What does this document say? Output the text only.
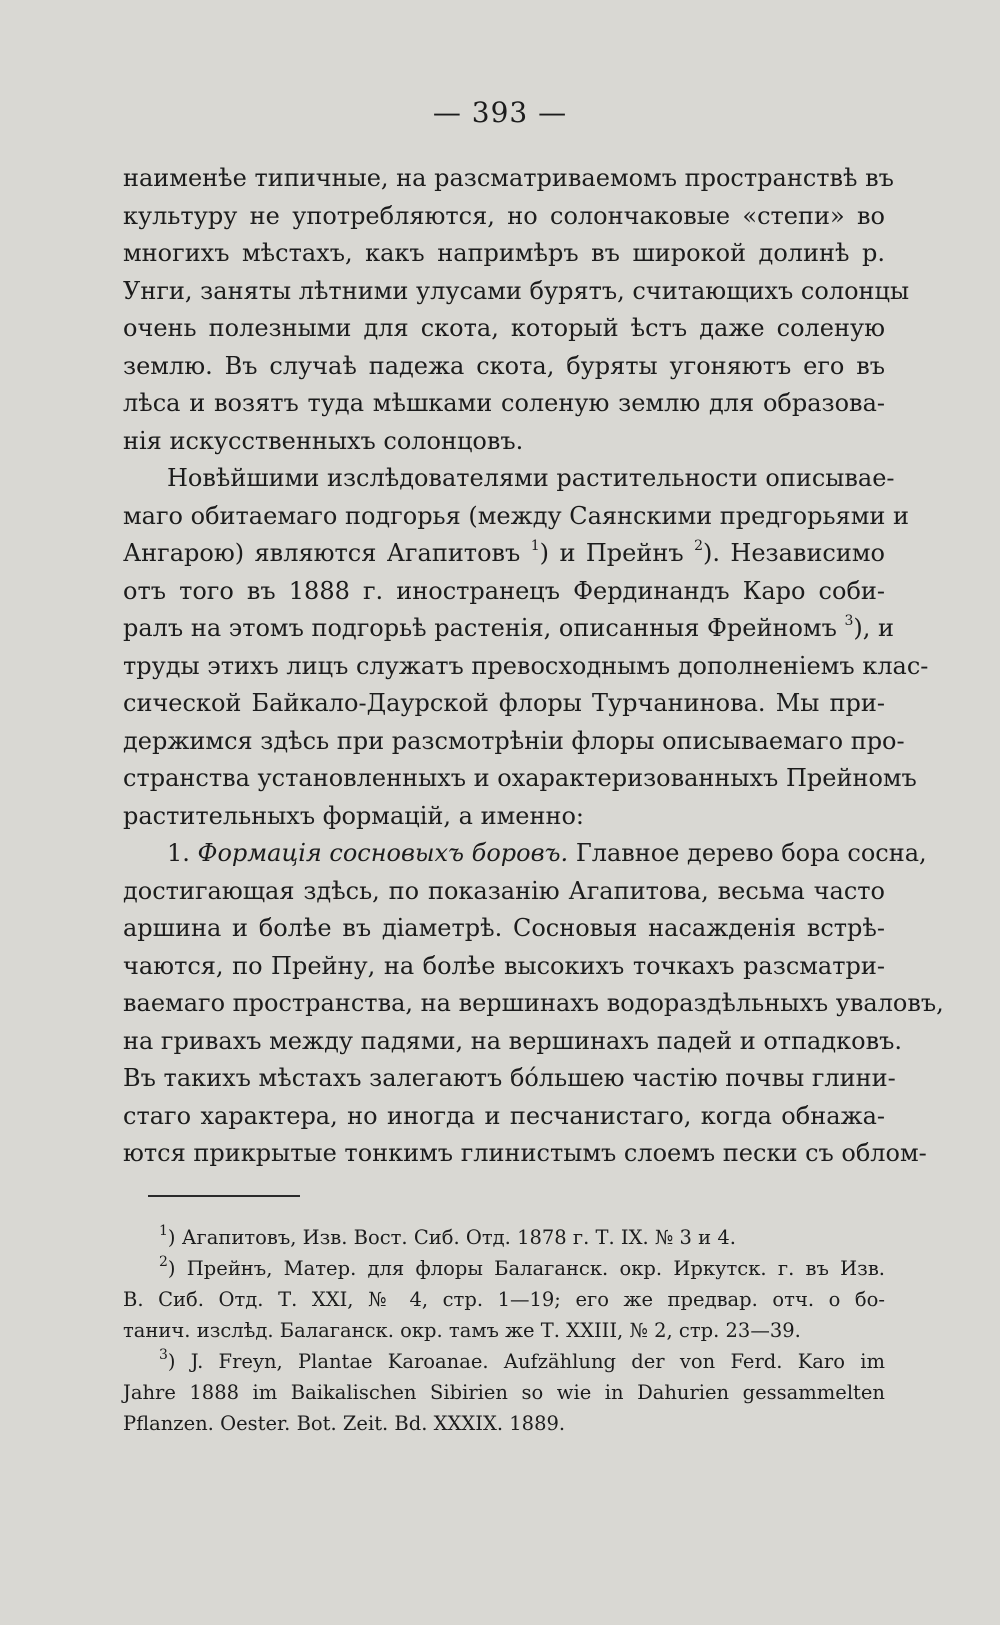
— 393 —
наименѣе типичные, на разсматриваемомъ пространствѣ въ
культуру не употребляются, но солончаковые «степи» во
многихъ мѣстахъ, какъ напримѣръ въ широкой долинѣ р.
Унги, заняты лѣтними улусами бурятъ, считающихъ солонцы
очень полезными для скота, который ѣстъ даже соленую
землю. Въ случаѣ падежа скота, буряты угоняютъ его въ
лѣса и возятъ туда мѣшками соленую землю для образова-
нія искусственныхъ солонцовъ.
Новѣйшими изслѣдователями растительности описывае-
маго обитаемаго подгорья (между Саянскими предгорьями и
Ангарою) являются Агапитовъ $^1$) и Прейнъ $^2$). Независимо
отъ того въ 1888 г. иностранецъ Фердинандъ Каро соби-
ралъ на этомъ подгорьѣ растенія, описанныя Фрейномъ $^3$), и
труды этихъ лицъ служатъ превосходнымъ дополненіемъ клас-
сической Байкало-Даурской флоры Турчанинова. Мы при-
держимся здѣсь при разсмотрѣніи флоры описываемаго про-
странства установленныхъ и охарактеризованныхъ Прейномъ
растительныхъ формацій, а именно:
1. Формація сосновыхъ боровъ. Главное дерево бора сосна,
достигающая здѣсь, по показанію Агапитова, весьма часто
аршина и болѣе въ діаметрѣ. Сосновыя насажденія встрѣ-
чаются, по Прейну, на болѣе высокихъ точкахъ разсматри-
ваемаго пространства, на вершинахъ водораздѣльныхъ уваловъ,
на гривахъ между падями, на вершинахъ падей и отпадковъ.
Въ такихъ мѣстахъ залегаютъ бóльшею частію почвы глини-
стаго характера, но иногда и песчанистаго, когда обнажа-
ются прикрытые тонкимъ глинистымъ слоемъ пески съ облом-
$^1$) Агапитовъ, Изв. Вост. Сиб. Отд. 1878 г. Т. IX. № 3 и 4.
$^2$) Прейнъ, Матер. для флоры Балаганск. окр. Иркутск. г. въ Изв.
В. Сиб. Отд. Т. XXI, № 4, стр. 1—19; его же предвар. отч. о бо-
танич. изслѣд. Балаганск. окр. тамъ же Т. XXIII, № 2, стр. 23—39.
$^3$) J. Freyn, Plantae Karoanae. Aufzählung der von Ferd. Karo im
Jahre 1888 im Baikalischen Sibirien so wie in Dahurien gessammelten
Pflanzen. Oester. Bot. Zeit. Bd. XXXIX. 1889.
